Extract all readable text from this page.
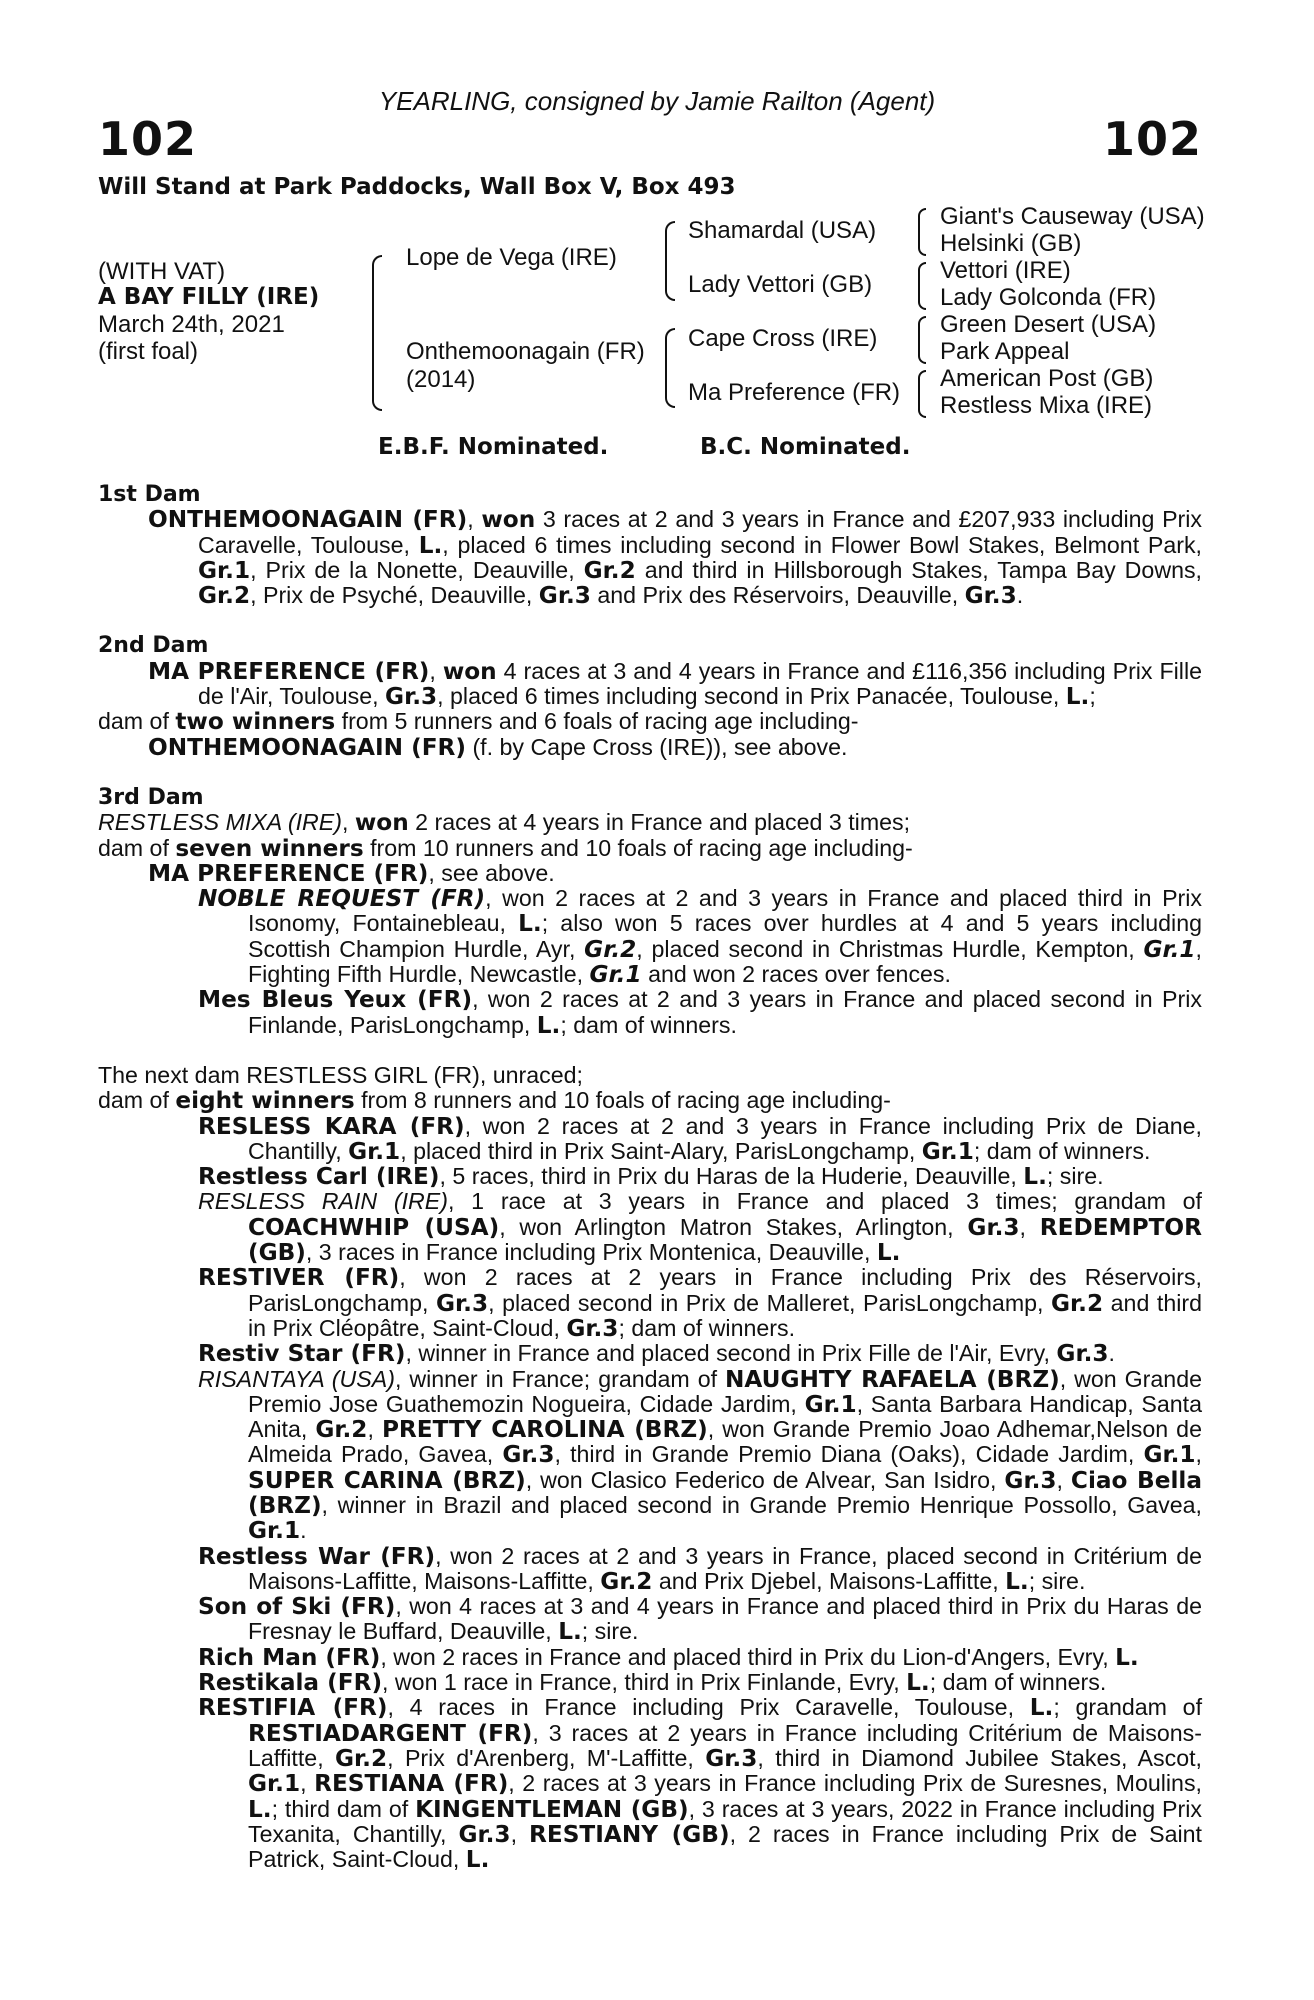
YEARLING, consigned by Jamie Railton (Agent)
102	102
Will Stand at Park Paddocks, Wall Box V, Box 493
(WITH VAT)
A BAY FILLY (IRE)
March 24th, 2021
(first foal)
Lope de Vega (IRE)
Onthemoonagain (FR)
(2014)
Shamardal (USA)
Lady Vettori (GB)
Cape Cross (IRE)
Ma Preference (FR)
Giant's Causeway (USA)
Helsinki (GB)
Vettori (IRE)
Lady Golconda (FR)
Green Desert (USA)
Park Appeal
American Post (GB)
Restless Mixa (IRE)
E.B.F. Nominated.	B.C. Nominated.
1st Dam

ONTHEMOONAGAIN (FR), won 3 races at 2 and 3 years in France and £207,933 including Prix Caravelle, Toulouse, L., placed 6 times including second in Flower Bowl Stakes, Belmont Park, Gr.1, Prix de la Nonette, Deauville, Gr.2 and third in Hillsborough Stakes, Tampa Bay Downs, Gr.2, Prix de Psyché, Deauville, Gr.3 and Prix des Réservoirs, Deauville, Gr.3.

2nd Dam

MA PREFERENCE (FR), won 4 races at 3 and 4 years in France and £116,356 including Prix Fille de l'Air, Toulouse, Gr.3, placed 6 times including second in Prix Panacée, Toulouse, L.;

dam of two winners from 5 runners and 6 foals of racing age including-

ONTHEMOONAGAIN (FR) (f. by Cape Cross (IRE)), see above.

3rd Dam

RESTLESS MIXA (IRE), won 2 races at 4 years in France and placed 3 times;

dam of seven winners from 10 runners and 10 foals of racing age including-

MA PREFERENCE (FR), see above.

NOBLE REQUEST (FR), won 2 races at 2 and 3 years in France and placed third in Prix Isonomy, Fontainebleau, L.; also won 5 races over hurdles at 4 and 5 years including Scottish Champion Hurdle, Ayr, Gr.2, placed second in Christmas Hurdle, Kempton, Gr.1, Fighting Fifth Hurdle, Newcastle, Gr.1 and won 2 races over fences.

Mes Bleus Yeux (FR), won 2 races at 2 and 3 years in France and placed second in Prix Finlande, ParisLongchamp, L.; dam of winners.

The next dam RESTLESS GIRL (FR), unraced;

dam of eight winners from 8 runners and 10 foals of racing age including-

RESLESS KARA (FR), won 2 races at 2 and 3 years in France including Prix de Diane, Chantilly, Gr.1, placed third in Prix Saint-Alary, ParisLongchamp, Gr.1; dam of winners.

Restless Carl (IRE), 5 races, third in Prix du Haras de la Huderie, Deauville, L.; sire.

RESLESS RAIN (IRE), 1 race at 3 years in France and placed 3 times; grandam of COACHWHIP (USA), won Arlington Matron Stakes, Arlington, Gr.3, REDEMPTOR (GB), 3 races in France including Prix Montenica, Deauville, L.

RESTIVER (FR), won 2 races at 2 years in France including Prix des Réservoirs, ParisLongchamp, Gr.3, placed second in Prix de Malleret, ParisLongchamp, Gr.2 and third in Prix Cléopâtre, Saint-Cloud, Gr.3; dam of winners.

Restiv Star (FR), winner in France and placed second in Prix Fille de l'Air, Evry, Gr.3.

RISANTAYA (USA), winner in France; grandam of NAUGHTY RAFAELA (BRZ), won Grande Premio Jose Guathemozin Nogueira, Cidade Jardim, Gr.1, Santa Barbara Handicap, Santa Anita, Gr.2, PRETTY CAROLINA (BRZ), won Grande Premio Joao Adhemar,Nelson de Almeida Prado, Gavea, Gr.3, third in Grande Premio Diana (Oaks), Cidade Jardim, Gr.1, SUPER CARINA (BRZ), won Clasico Federico de Alvear, San Isidro, Gr.3, Ciao Bella (BRZ), winner in Brazil and placed second in Grande Premio Henrique Possollo, Gavea, Gr.1.

Restless War (FR), won 2 races at 2 and 3 years in France, placed second in Critérium de Maisons-Laffitte, Maisons-Laffitte, Gr.2 and Prix Djebel, Maisons-Laffitte, L.; sire.

Son of Ski (FR), won 4 races at 3 and 4 years in France and placed third in Prix du Haras de Fresnay le Buffard, Deauville, L.; sire.

Rich Man (FR), won 2 races in France and placed third in Prix du Lion-d'Angers, Evry, L.

Restikala (FR), won 1 race in France, third in Prix Finlande, Evry, L.; dam of winners.

RESTIFIA (FR), 4 races in France including Prix Caravelle, Toulouse, L.; grandam of RESTIADARGENT (FR), 3 races at 2 years in France including Critérium de Maisons-Laffitte, Gr.2, Prix d'Arenberg, M'-Laffitte, Gr.3, third in Diamond Jubilee Stakes, Ascot, Gr.1, RESTIANA (FR), 2 races at 3 years in France including Prix de Suresnes, Moulins, L.; third dam of KINGENTLEMAN (GB), 3 races at 3 years, 2022 in France including Prix Texanita, Chantilly, Gr.3, RESTIANY (GB), 2 races in France including Prix de Saint Patrick, Saint-Cloud, L.
